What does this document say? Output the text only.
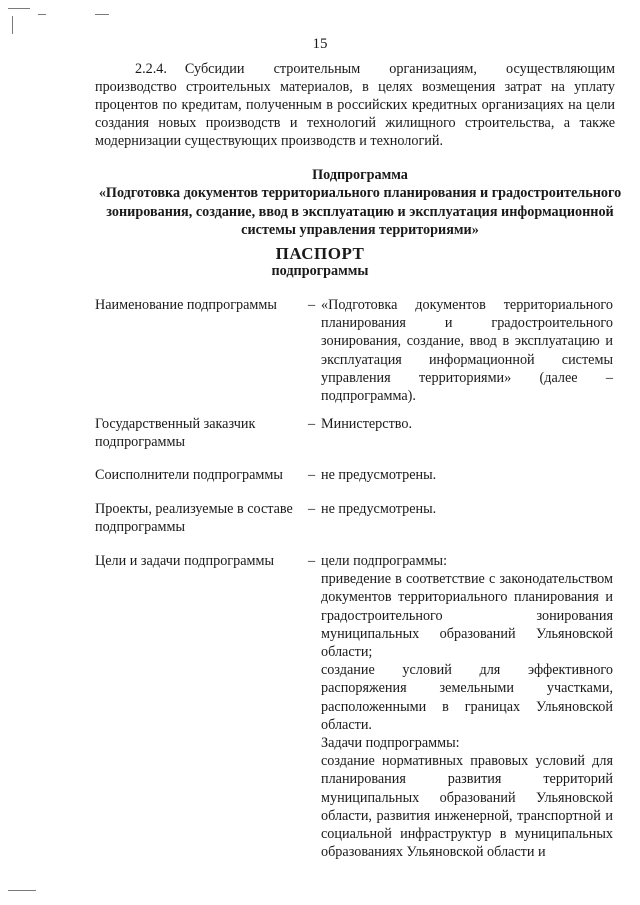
15
2.2.4. Субсидии строительным организациям, осуществляющим производство строительных материалов, в целях возмещения затрат на уплату процентов по кредитам, полученным в российских кредитных организациях на цели создания новых производств и технологий жилищного строительства, а также модернизации существующих производств и технологий.
Подпрограмма
«Подготовка документов территориального планирования и градостроительного зонирования, создание, ввод в эксплуатацию и эксплуатация информационной системы управления территориями»
ПАСПОРТ
подпрограммы
Наименование подпрограммы	– «Подготовка документов территориального планирования и градостроительного зонирования, создание, ввод в эксплуатацию и эксплуатация информационной системы управления территориями» (далее – подпрограмма).
Государственный заказчик подпрограммы
– Министерство.
Соисполнители подпрограммы	– не предусмотрены.
Проекты, реализуемые в составе подпрограммы
– не предусмотрены.
Цели и задачи подпрограммы	– цели подпрограммы:
приведение в соответствие с законодательством документов территориального планирования и градостроительного зонирования муниципальных образований Ульяновской области;
создание условий для эффективного распоряжения земельными участками, расположенными в границах Ульяновской области.
Задачи подпрограммы:
создание нормативных правовых условий для планирования развития территорий муниципальных образований Ульяновской области, развития инженерной, транспортной и социальной инфраструктур в муниципальных образованиях Ульяновской области и
